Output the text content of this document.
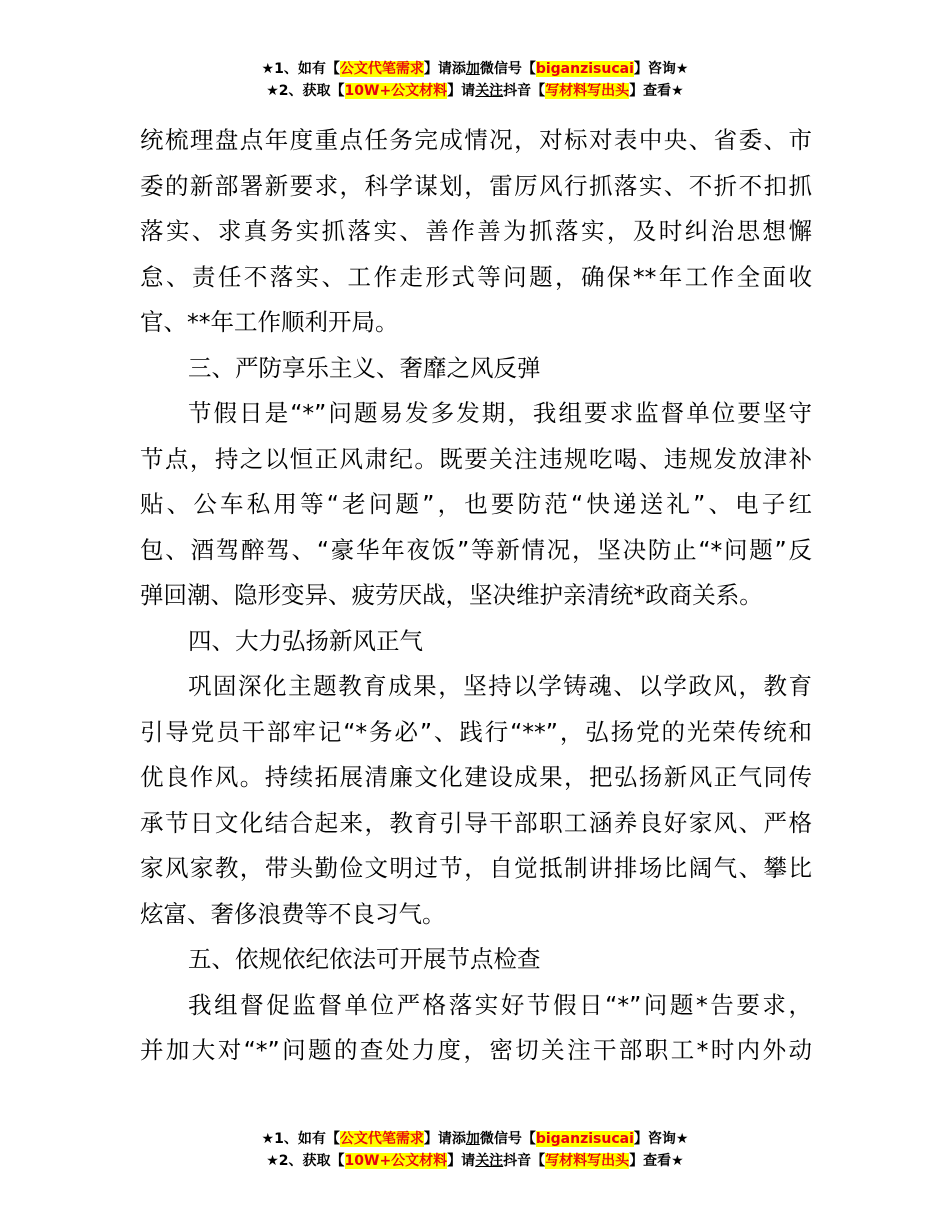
★1、如有【公文代笔需求】请添加微信号【biganzisucai】咨询★
★2、获取【10W+公文材料】请关注抖音【写材料写出头】查看★
统梳理盘点年度重点任务完成情况，对标对表中央、省委、市
委的新部署新要求，科学谋划，雷厉风行抓落实、不折不扣抓
落实、求真务实抓落实、善作善为抓落实，及时纠治思想懈
怠、责任不落实、工作走形式等问题，确保**年工作全面收
官、**年工作顺利开局。
三、严防享乐主义、奢靡之风反弹
节假日是“*”问题易发多发期，我组要求监督单位要坚守
节点，持之以恒正风肃纪。既要关注违规吃喝、违规发放津补
贴、公车私用等“老问题”，也要防范“快递送礼”、电子红
包、酒驾醉驾、“豪华年夜饭”等新情况，坚决防止“*问题”反
弹回潮、隐形变异、疲劳厌战，坚决维护亲清统*政商关系。
四、大力弘扬新风正气
巩固深化主题教育成果，坚持以学铸魂、以学政风，教育
引导党员干部牢记“*务必”、践行“**”，弘扬党的光荣传统和
优良作风。持续拓展清廉文化建设成果，把弘扬新风正气同传
承节日文化结合起来，教育引导干部职工涵养良好家风、严格
家风家教，带头勤俭文明过节，自觉抵制讲排场比阔气、攀比
炫富、奢侈浪费等不良习气。
五、依规依纪依法可开展节点检查
我组督促监督单位严格落实好节假日“*”问题*告要求，
并加大对“*”问题的查处力度，密切关注干部职工*时内外动
★1、如有【公文代笔需求】请添加微信号【biganzisucai】咨询★
★2、获取【10W+公文材料】请关注抖音【写材料写出头】查看★
